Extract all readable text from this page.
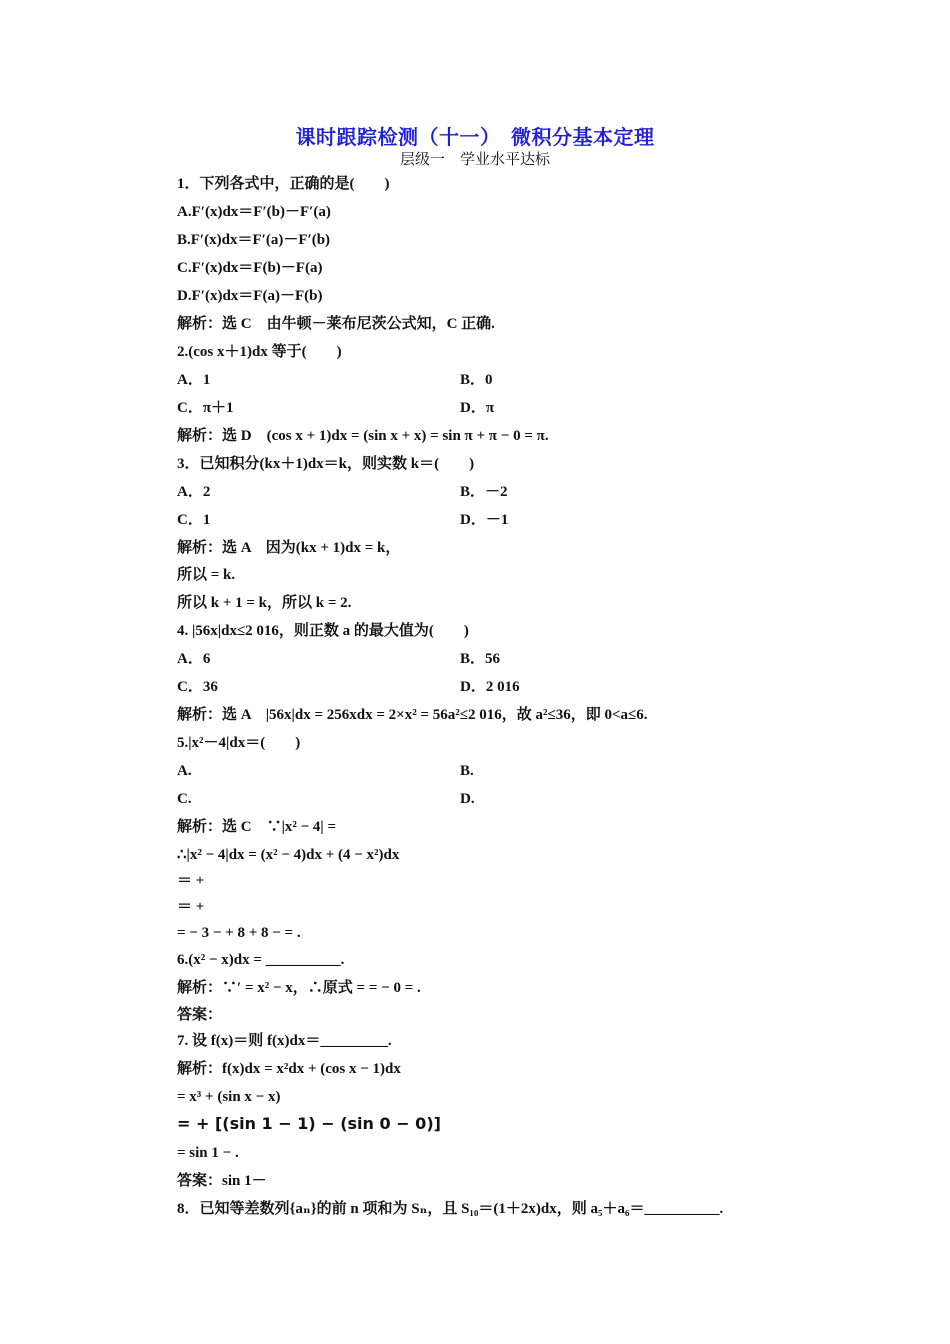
课时跟踪检测（十一）　微积分基本定理
层级一　学业水平达标
1．下列各式中，正确的是(　　)
A.F′(x)dx＝F′(b)－F′(a)
B.F′(x)dx＝F′(a)－F′(b)
C.F′(x)dx＝F(b)－F(a)
D.F′(x)dx＝F(a)－F(b)
解析：选 C　由牛顿－莱布尼茨公式知，C 正确.
2.(cos x＋1)dx 等于(　　)
A．1	B．0
C．π＋1	D．π
解析：选 D　(cos x + 1)dx = (sin x + x) = sin π + π − 0 = π.
3．已知积分(kx＋1)dx＝k，则实数 k＝(　　)
A．2	B．－2
C．1	D．－1
解析：选 A　因为(kx + 1)dx = k，
所以 = k.
所以 k + 1 = k，所以 k = 2.
4. |56x|dx≤2 016，则正数 a 的最大值为(　　)
A．6	B．56
C．36	D．2 016
解析：选 A　|56x|dx = 256xdx = 2×x² = 56a²≤2 016，故 a²≤36，即 0<a≤6.
5.|x²－4|dx＝(　　)
A.	B.
C.	D.
解析：选 C　∵|x² − 4| =
∴|x² − 4|dx = (x² − 4)dx + (4 − x²)dx
＝ +
＝ +
= − 3 − + 8 + 8 − = .
6.(x² − x)dx = __________.
解析：∵′ = x² − x，∴原式 = = − 0 = .
答案：
7. 设 f(x)＝则 f(x)dx＝_________.
解析：f(x)dx = x²dx + (cos x − 1)dx
= x³ + (sin x − x)
= + [(sin 1 − 1) − (sin 0 − 0)]
= sin 1 − .
答案：sin 1－
8．已知等差数列{aₙ}的前 n 项和为 Sₙ，且 S₁₀＝(1＋2x)dx，则 a₅＋a₆＝__________.
